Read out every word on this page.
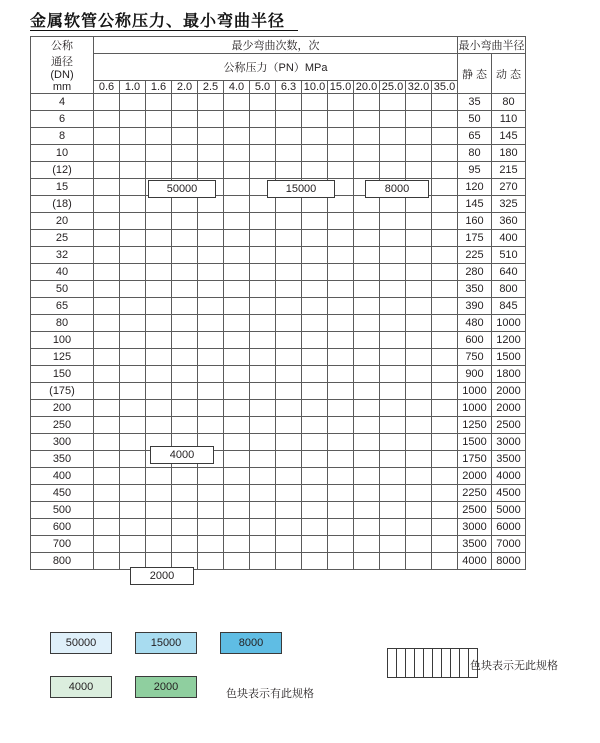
金属软管公称压力、最小弯曲半径
公称
通径
(DN)
mm	最少弯曲次数，次														最小弯曲半径	
	公称压力（PN）MPa														静 态	动 态
	0.6	1.0	1.6	2.0	2.5	4.0	5.0	6.3	10.0	15.0	20.0	25.0	32.0	35.0		
4															35	80
6															50	110
8															65	145
10															80	180
(12)															95	215
15															120	270
(18)															145	325
20															160	360
25															175	400
32															225	510
40															280	640
50															350	800
65															390	845
80															480	1000
100															600	1200
125															750	1500
150															900	1800
(175)															1000	2000
200															1000	2000
250															1250	2500
300															1500	3000
350															1750	3500
400															2000	4000
450															2250	4500
500															2500	5000
600															3000	6000
700															3500	7000
800															4000	8000
50000	15000	8000
4000
2000
50000	15000	8000
4000	2000

色块表示无此规格
色块表示有此规格
